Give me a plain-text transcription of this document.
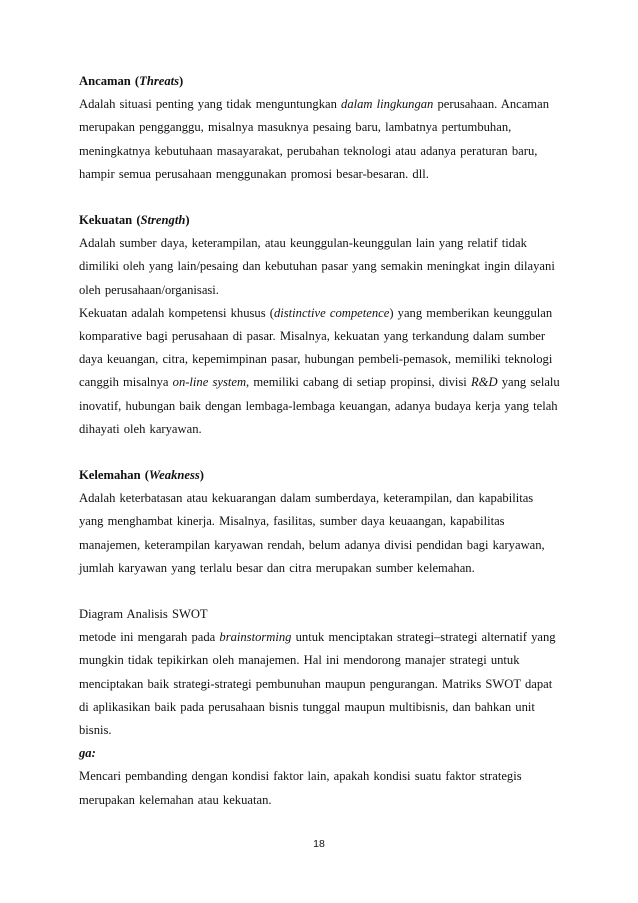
Ancaman (Threats)
Adalah situasi penting yang tidak menguntungkan dalam lingkungan perusahaan. Ancaman
merupakan pengganggu, misalnya masuknya pesaing baru, lambatnya pertumbuhan,
meningkatnya kebutuhaan masayarakat, perubahan teknologi atau adanya peraturan baru,
hampir semua perusahaan menggunakan promosi besar-besaran. dll.
Kekuatan (Strength)
Adalah sumber daya, keterampilan, atau keunggulan-keunggulan lain yang relatif tidak
dimiliki oleh yang lain/pesaing dan kebutuhan pasar yang semakin meningkat ingin dilayani
oleh perusahaan/organisasi.
Kekuatan adalah kompetensi khusus (distinctive competence) yang memberikan keunggulan
komparative bagi perusahaan di pasar. Misalnya, kekuatan yang terkandung dalam sumber
daya keuangan, citra, kepemimpinan pasar, hubungan pembeli-pemasok, memiliki teknologi
canggih misalnya on-line system, memiliki cabang di setiap propinsi, divisi R&D yang selalu
inovatif, hubungan baik dengan lembaga-lembaga keuangan, adanya budaya kerja yang telah
dihayati oleh karyawan.
Kelemahan (Weakness)
Adalah keterbatasan atau kekuarangan dalam sumberdaya, keterampilan, dan kapabilitas
yang menghambat kinerja. Misalnya, fasilitas, sumber daya keuaangan, kapabilitas
manajemen, keterampilan karyawan rendah, belum adanya divisi pendidan bagi karyawan,
jumlah karyawan yang terlalu besar dan citra merupakan sumber kelemahan.
Diagram Analisis SWOT
metode ini mengarah pada brainstorming untuk menciptakan strategi–strategi alternatif yang
mungkin tidak tepikirkan oleh manajemen. Hal ini mendorong manajer strategi untuk
menciptakan baik strategi-strategi pembunuhan maupun pengurangan. Matriks SWOT dapat
di aplikasikan baik pada perusahaan bisnis tunggal maupun multibisnis, dan bahkan unit
bisnis.
ga:
Mencari pembanding dengan kondisi faktor lain, apakah kondisi suatu faktor strategis
merupakan kelemahan atau kekuatan.
18
